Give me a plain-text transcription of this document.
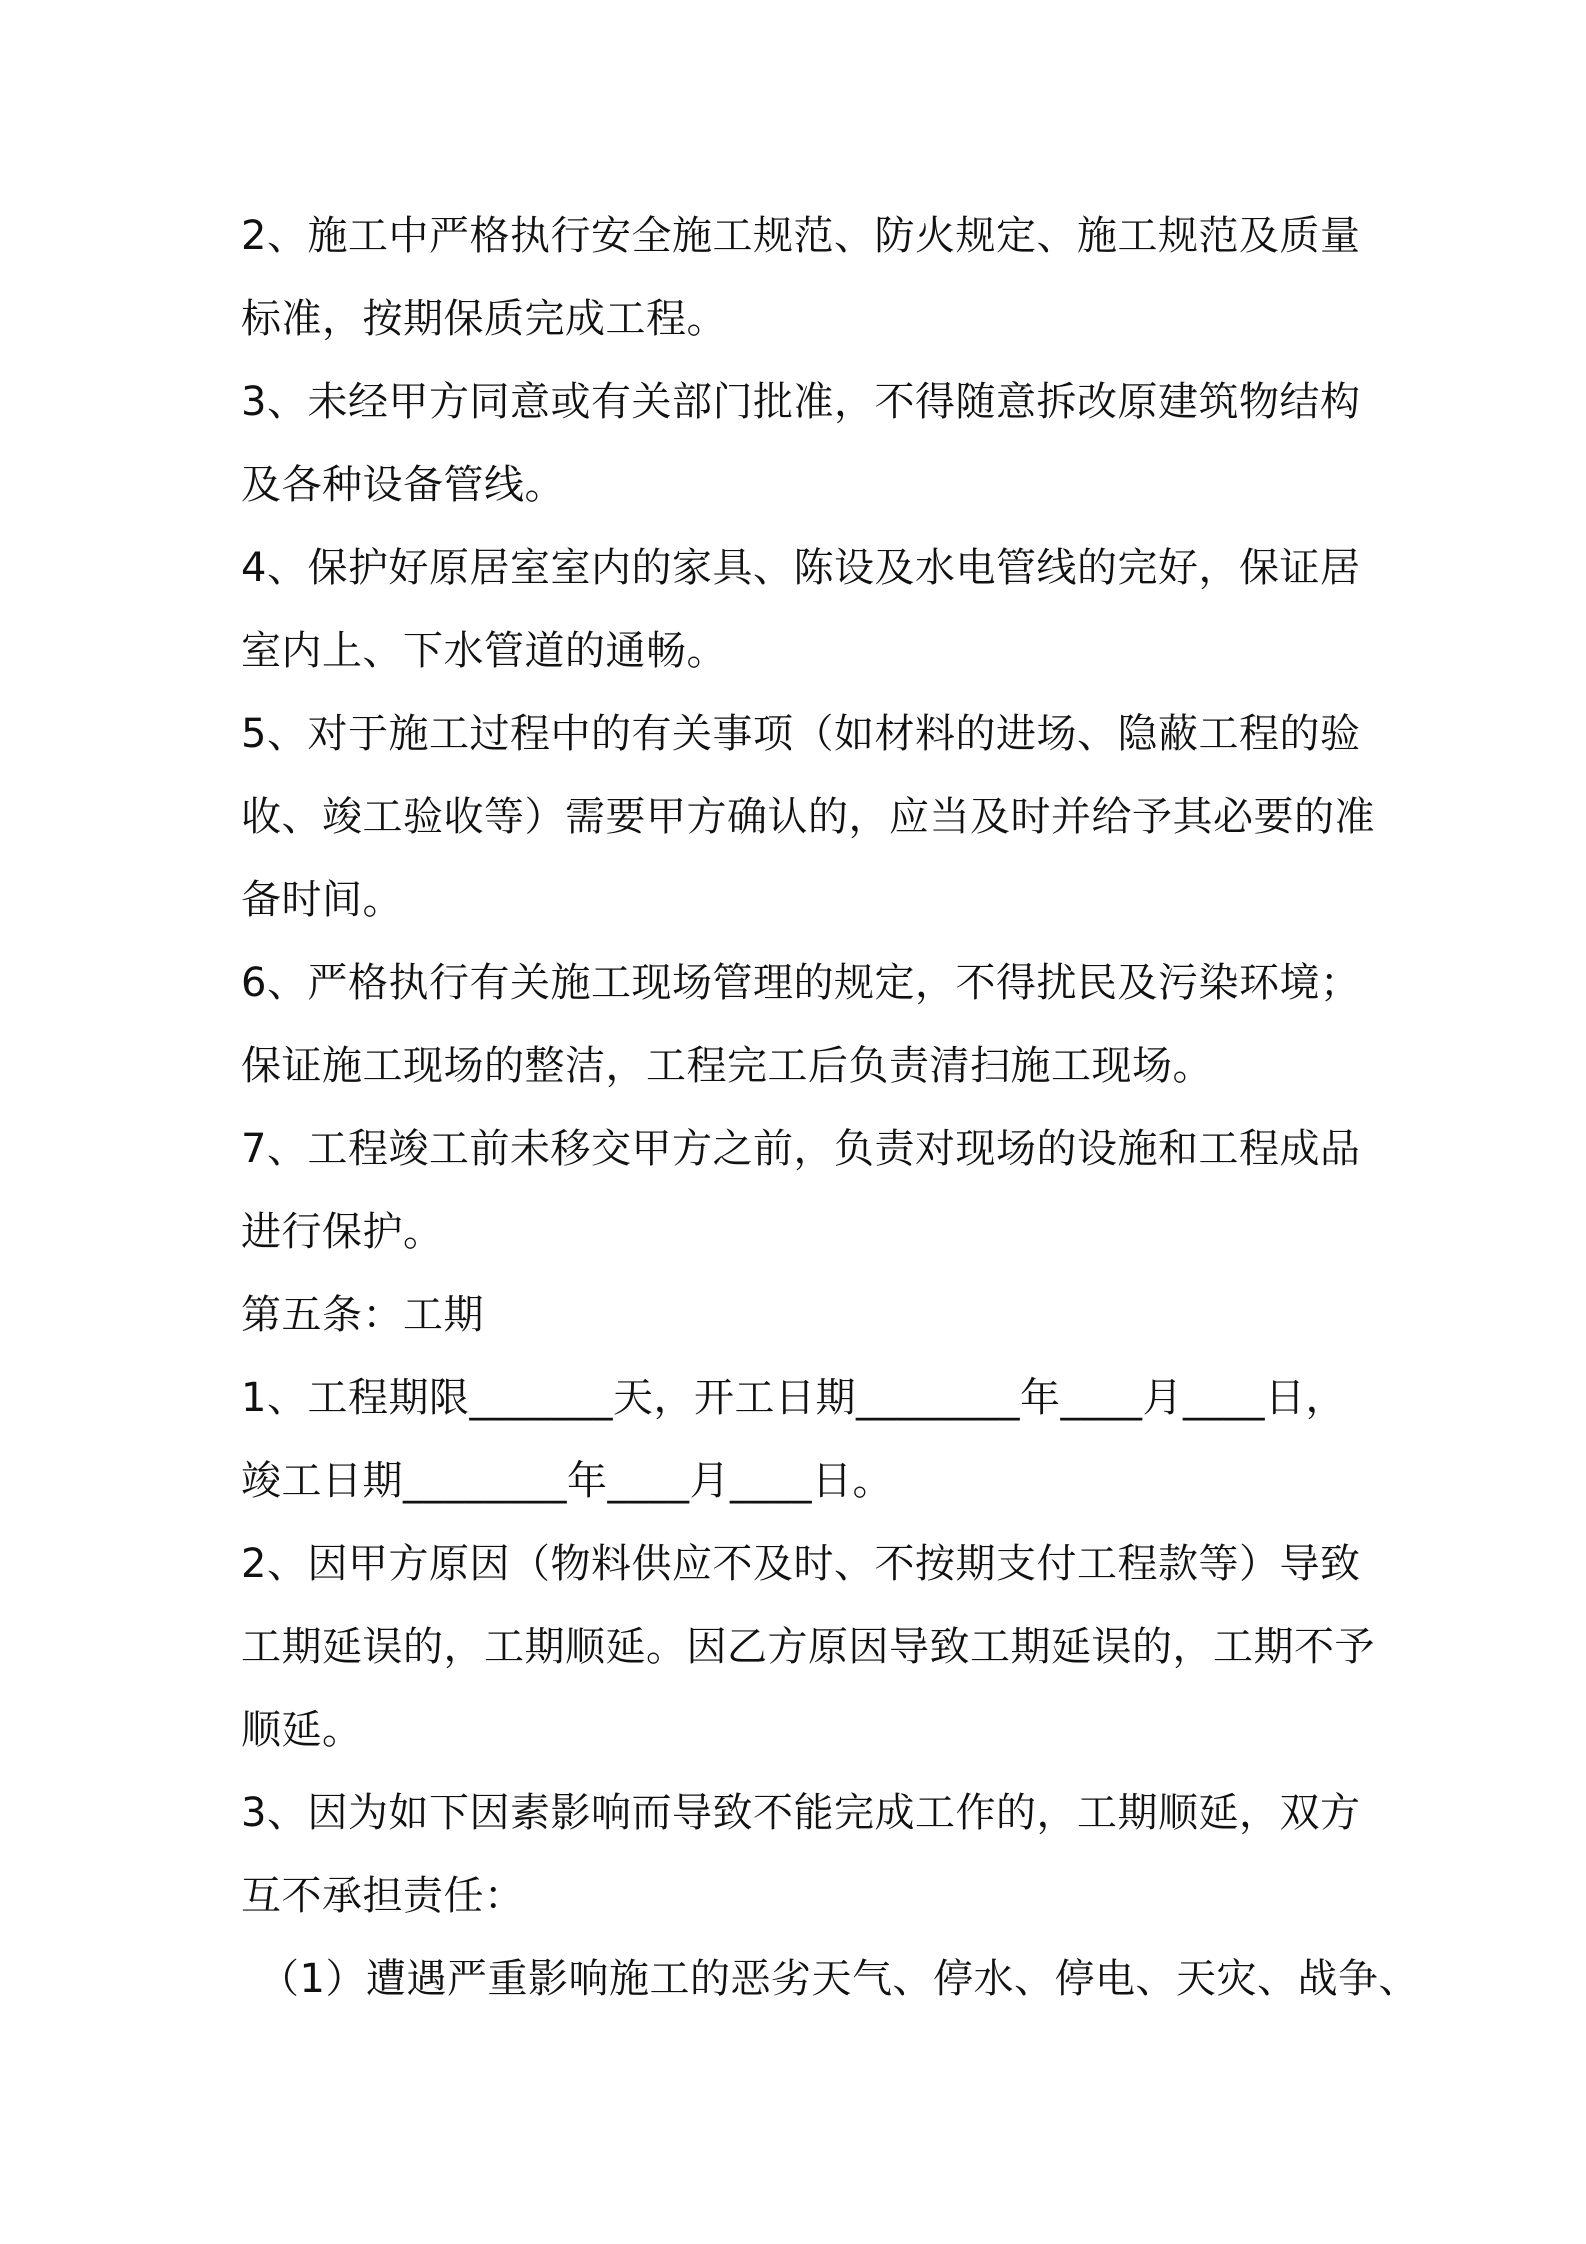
2、施工中严格执行安全施工规范、防火规定、施工规范及质量

标准，按期保质完成工程。

3、未经甲方同意或有关部门批准，不得随意拆改原建筑物结构

及各种设备管线。

4、保护好原居室室内的家具、陈设及水电管线的完好，保证居

室内上、下水管道的通畅。

5、对于施工过程中的有关事项（如材料的进场、隐蔽工程的验

收、竣工验收等）需要甲方确认的，应当及时并给予其必要的准

备时间。

6、严格执行有关施工现场管理的规定，不得扰民及污染环境；

保证施工现场的整洁，工程完工后负责清扫施工现场。

7、工程竣工前未移交甲方之前，负责对现场的设施和工程成品

进行保护。

第五条：工期

1、工程期限_______天，开工日期________年____月____日，

竣工日期________年____月____日。

2、因甲方原因（物料供应不及时、不按期支付工程款等）导致

工期延误的，工期顺延。因乙方原因导致工期延误的，工期不予

顺延。

3、因为如下因素影响而导致不能完成工作的，工期顺延，双方

互不承担责任：

（1）遭遇严重影响施工的恶劣天气、停水、停电、天灾、战争、
